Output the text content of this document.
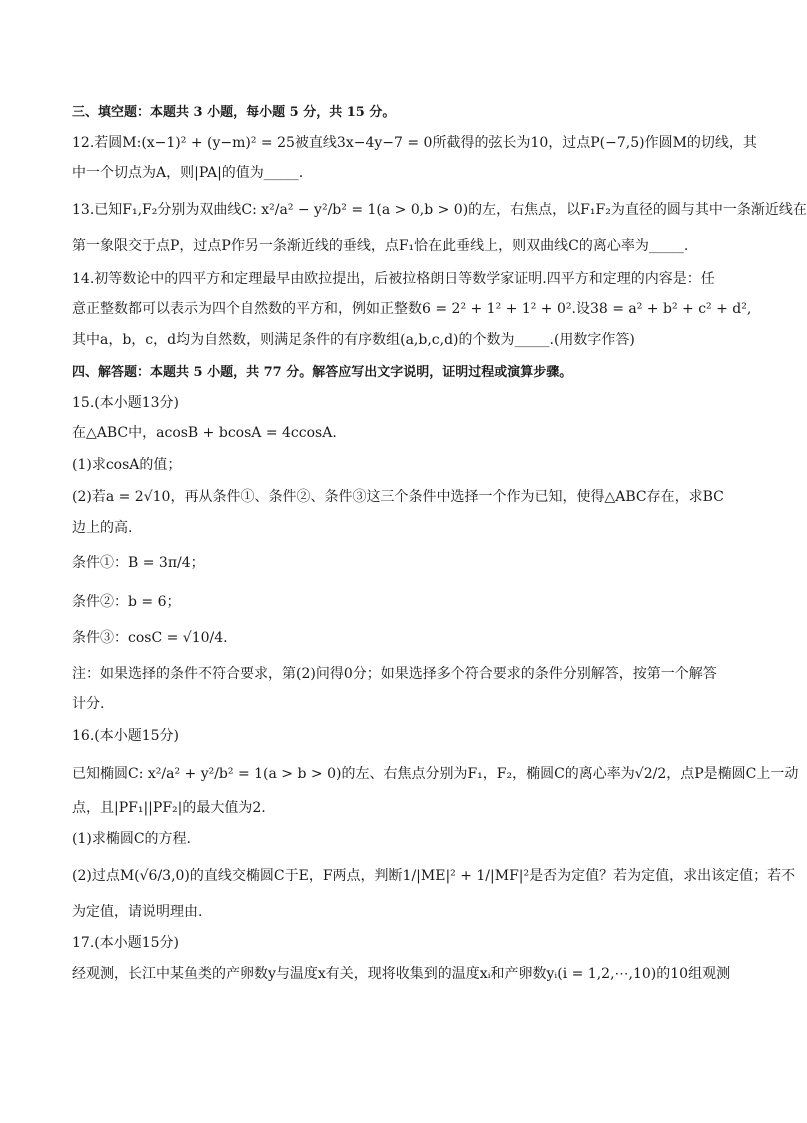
三、填空题：本题共 3 小题，每小题 5 分，共 15 分。
12.若圆M:(x−1)² + (y−m)² = 25被直线3x−4y−7 = 0所截得的弦长为10，过点P(−7,5)作圆M的切线，其
中一个切点为A，则|PA|的值为_____.
13.已知F₁,F₂分别为双曲线C: x²/a² − y²/b² = 1(a > 0,b > 0)的左，右焦点，以F₁F₂为直径的圆与其中一条渐近线在
第一象限交于点P，过点P作另一条渐近线的垂线，点F₁恰在此垂线上，则双曲线C的离心率为_____.
14.初等数论中的四平方和定理最早由欧拉提出，后被拉格朗日等数学家证明.四平方和定理的内容是：任
意正整数都可以表示为四个自然数的平方和，例如正整数6 = 2² + 1² + 1² + 0².设38 = a² + b² + c² + d²,
其中a，b，c，d均为自然数，则满足条件的有序数组(a,b,c,d)的个数为_____.(用数字作答)
四、解答题：本题共 5 小题，共 77 分。解答应写出文字说明，证明过程或演算步骤。
15.(本小题13分)
在△ABC中，acosB + bcosA = 4ccosA.
(1)求cosA的值；
(2)若a = 2√10，再从条件①、条件②、条件③这三个条件中选择一个作为已知，使得△ABC存在，求BC
边上的高.
条件①：B = 3π/4；
条件②：b = 6；
条件③：cosC = √10/4.
注：如果选择的条件不符合要求，第(2)问得0分；如果选择多个符合要求的条件分别解答，按第一个解答
计分.
16.(本小题15分)
已知椭圆C: x²/a² + y²/b² = 1(a > b > 0)的左、右焦点分别为F₁，F₂，椭圆C的离心率为√2/2，点P是椭圆C上一动
点，且|PF₁||PF₂|的最大值为2.
(1)求椭圆C的方程.
(2)过点M(√6/3,0)的直线交椭圆C于E，F两点，判断1/|ME|² + 1/|MF|²是否为定值？若为定值，求出该定值；若不
为定值，请说明理由.
17.(本小题15分)
经观测，长江中某鱼类的产卵数y与温度x有关，现将收集到的温度xᵢ和产卵数yᵢ(i = 1,2,⋯,10)的10组观测
